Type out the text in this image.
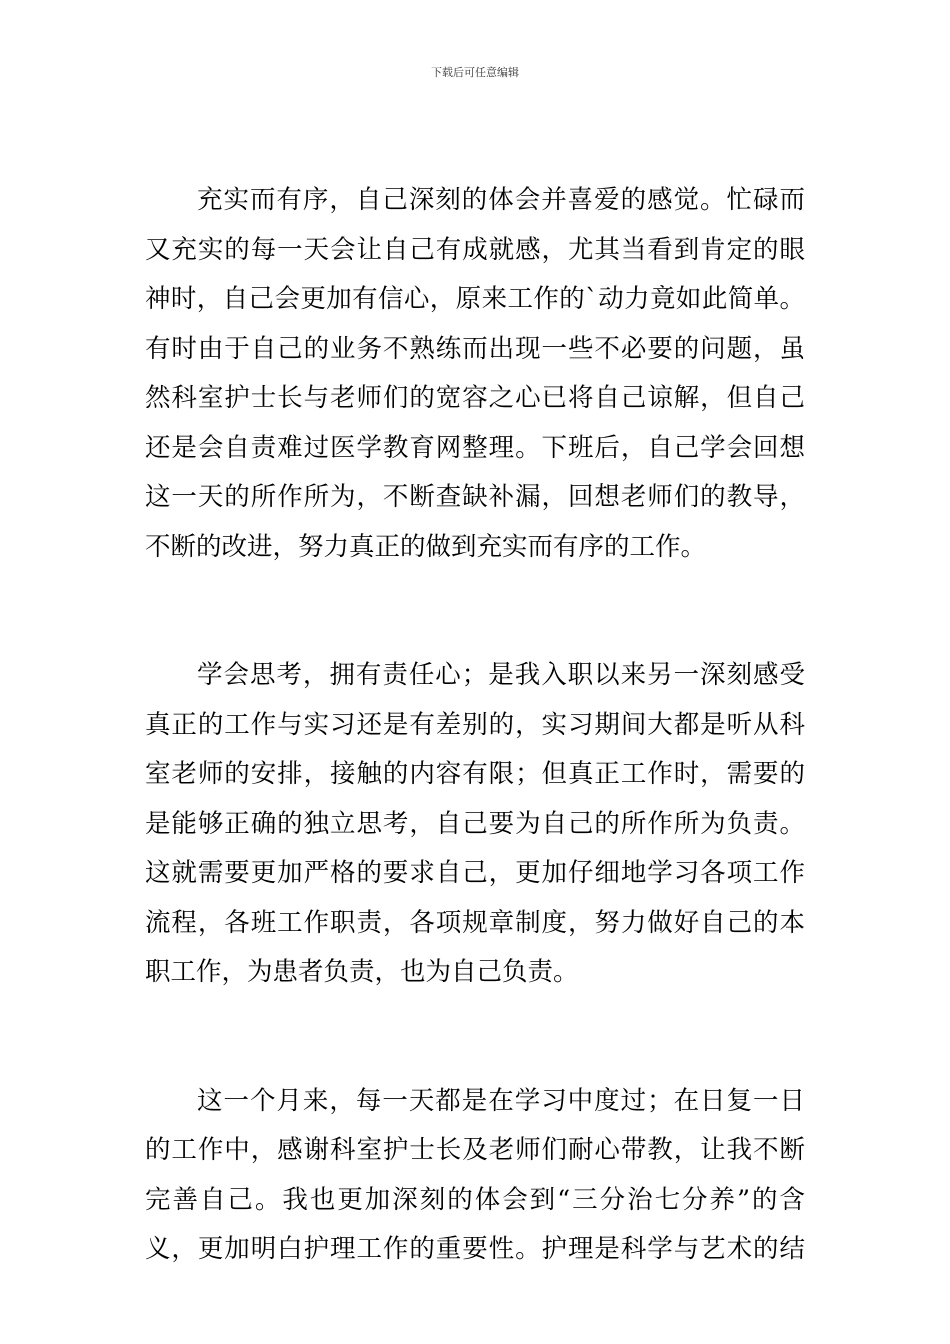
下载后可任意编辑
充实而有序，自己深刻的体会并喜爱的感觉。忙碌而
又充实的每一天会让自己有成就感，尤其当看到肯定的眼
神时，自己会更加有信心，原来工作的`动力竟如此简单。
有时由于自己的业务不熟练而出现一些不必要的问题，虽
然科室护士长与老师们的宽容之心已将自己谅解，但自己
还是会自责难过医学教育网整理。下班后，自己学会回想
这一天的所作所为，不断查缺补漏，回想老师们的教导，
不断的改进，努力真正的做到充实而有序的工作。
学会思考，拥有责任心；是我入职以来另一深刻感受
真正的工作与实习还是有差别的，实习期间大都是听从科
室老师的安排，接触的内容有限；但真正工作时，需要的
是能够正确的独立思考，自己要为自己的所作所为负责。
这就需要更加严格的要求自己，更加仔细地学习各项工作
流程，各班工作职责，各项规章制度，努力做好自己的本
职工作，为患者负责，也为自己负责。
这一个月来，每一天都是在学习中度过；在日复一日
的工作中，感谢科室护士长及老师们耐心带教，让我不断
完善自己。我也更加深刻的体会到“三分治七分养”的含
义，更加明白护理工作的重要性。护理是科学与艺术的结
